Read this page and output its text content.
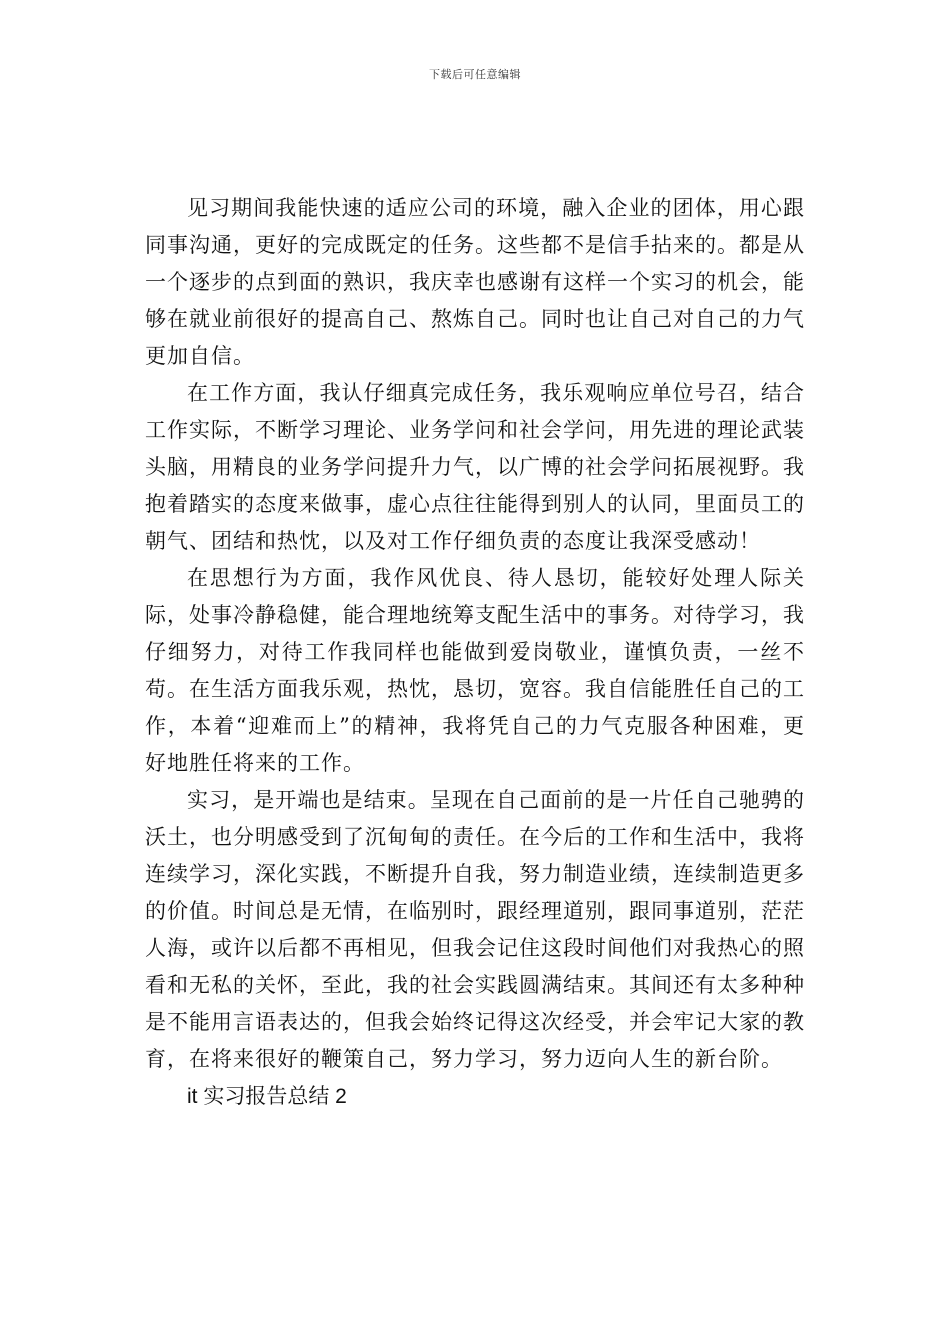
下载后可任意编辑

见习期间我能快速的适应公司的环境，融入企业的团体，用心跟同事沟通，更好的完成既定的任务。这些都不是信手拈来的。都是从一个逐步的点到面的熟识，我庆幸也感谢有这样一个实习的机会，能够在就业前很好的提高自己、熬炼自己。同时也让自己对自己的力气更加自信。

在工作方面，我认仔细真完成任务，我乐观响应单位号召，结合工作实际，不断学习理论、业务学问和社会学问，用先进的理论武装头脑，用精良的业务学问提升力气，以广博的社会学问拓展视野。我抱着踏实的态度来做事，虚心点往往能得到别人的认同，里面员工的朝气、团结和热忱，以及对工作仔细负责的态度让我深受感动！

在思想行为方面，我作风优良、待人恳切，能较好处理人际关际，处事冷静稳健，能合理地统筹支配生活中的事务。对待学习，我仔细努力，对待工作我同样也能做到爱岗敬业，谨慎负责，一丝不苟。在生活方面我乐观，热忱，恳切，宽容。我自信能胜任自己的工作，本着“迎难而上”的精神，我将凭自己的力气克服各种困难，更好地胜任将来的工作。

实习，是开端也是结束。呈现在自己面前的是一片任自己驰骋的沃土，也分明感受到了沉甸甸的责任。在今后的工作和生活中，我将连续学习，深化实践，不断提升自我，努力制造业绩，连续制造更多的价值。时间总是无情，在临别时，跟经理道别，跟同事道别，茫茫人海，或许以后都不再相见，但我会记住这段时间他们对我热心的照看和无私的关怀，至此，我的社会实践圆满结束。其间还有太多种种是不能用言语表达的，但我会始终记得这次经受，并会牢记大家的教育，在将来很好的鞭策自己，努力学习，努力迈向人生的新台阶。

it 实习报告总结 2
